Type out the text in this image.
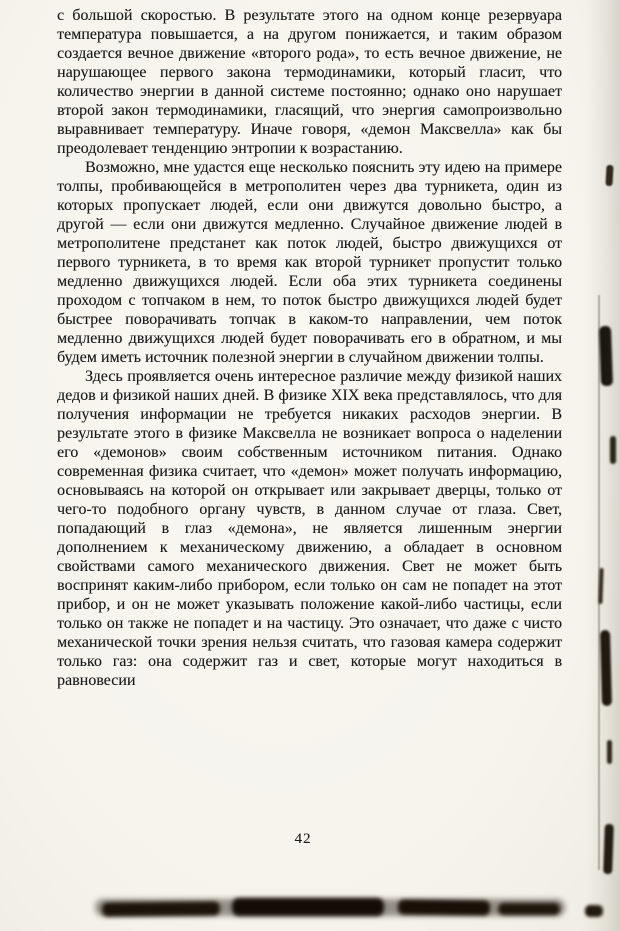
с большой скоростью. В результате этого на одном конце резервуара температура повышается, а на другом понижается, и таким образом создается вечное движение «второго рода», то есть вечное движение, не нарушающее первого закона термодинамики, который гласит, что количество энергии в данной системе постоянно; однако оно нарушает второй закон термодинамики, гласящий, что энергия самопроизвольно выравнивает температуру. Иначе говоря, «демон Максвелла» как бы преодолевает тенденцию энтропии к возрастанию.

Возможно, мне удастся еще несколько пояснить эту идею на примере толпы, пробивающейся в метрополитен через два турникета, один из которых пропускает людей, если они движутся довольно быстро, а другой — если они движутся медленно. Случайное движение людей в метрополитене предстанет как поток людей, быстро движущихся от первого турникета, в то время как второй турникет пропустит только медленно движущихся людей. Если оба этих турникета соединены проходом с топчаком в нем, то поток быстро движущихся людей будет быстрее поворачивать топчак в каком-то направлении, чем поток медленно движущихся людей будет поворачивать его в обратном, и мы будем иметь источник полезной энергии в случайном движении толпы.

Здесь проявляется очень интересное различие между физикой наших дедов и физикой наших дней. В физике XIX века представлялось, что для получения информации не требуется никаких расходов энергии. В результате этого в физике Максвелла не возникает вопроса о наделении его «демонов» своим собственным источником питания. Однако современная физика считает, что «демон» может получать информацию, основываясь на которой он открывает или закрывает дверцы, только от чего-то подобного органу чувств, в данном случае от глаза. Свет, попадающий в глаз «демона», не является лишенным энергии дополнением к механическому движению, а обладает в основном свойствами самого механического движения. Свет не может быть воспринят каким-либо прибором, если только он сам не попадет на этот прибор, и он не может указывать положение какой-либо частицы, если только он также не попадет и на частицу. Это означает, что даже с чисто механической точки зрения нельзя считать, что газовая камера содержит только газ: она содержит газ и свет, которые могут находиться в равновесии

42
